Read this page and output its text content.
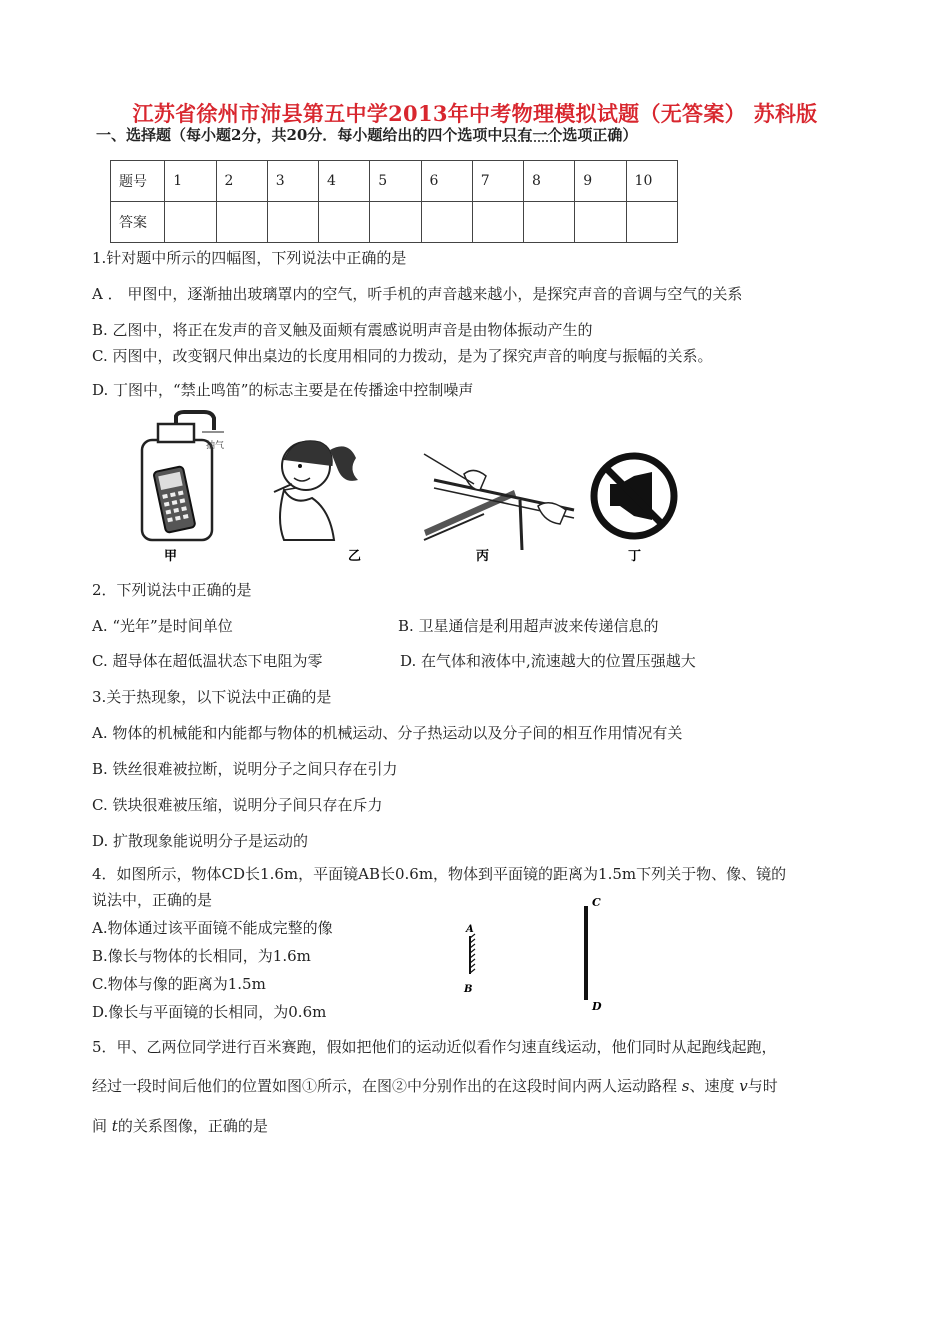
江苏省徐州市沛县第五中学2013年中考物理模拟试题（无答案） 苏科版
一、选择题（每小题2分，共20分．每小题给出的四个选项中只有一个选项正确）
题号	1	2	3	4	5	6	7	8	9	10
答案										
1.针对题中所示的四幅图，下列说法中正确的是
A ． 甲图中，逐渐抽出玻璃罩内的空气，听手机的声音越来越小，是探究声音的音调与空气的关系
B. 乙图中，将正在发声的音叉触及面颊有震感说明声音是由物体振动产生的
C. 丙图中，改变钢尺伸出桌边的长度用相同的力拨动，是为了探究声音的响度与振幅的关系。
D. 丁图中，“禁止鸣笛”的标志主要是在传播途中控制噪声
抽气
甲	乙	丙	丁
2．下列说法中正确的是
A. “光年”是时间单位	B. 卫星通信是利用超声波来传递信息的
C. 超导体在超低温状态下电阻为零	D. 在气体和液体中,流速越大的位置压强越大
3.关于热现象，以下说法中正确的是
A. 物体的机械能和内能都与物体的机械运动、分子热运动以及分子间的相互作用情况有关
B. 铁丝很难被拉断，说明分子之间只存在引力
C. 铁块很难被压缩，说明分子间只存在斥力
D. 扩散现象能说明分子是运动的
4．如图所示，物体CD长1.6m，平面镜AB长0.6m，物体到平面镜的距离为1.5m下列关于物、像、镜的
说法中，正确的是
A.物体通过该平面镜不能成完整的像
B.像长与物体的长相同，为1.6m
C.物体与像的距离为1.5m
D.像长与平面镜的长相同，为0.6m
A
B
C
D
5．甲、乙两位同学进行百米赛跑，假如把他们的运动近似看作匀速直线运动，他们同时从起跑线起跑，
经过一段时间后他们的位置如图①所示，在图②中分别作出的在这段时间内两人运动路程 s、速度 v与时
间 t的关系图像，正确的是
